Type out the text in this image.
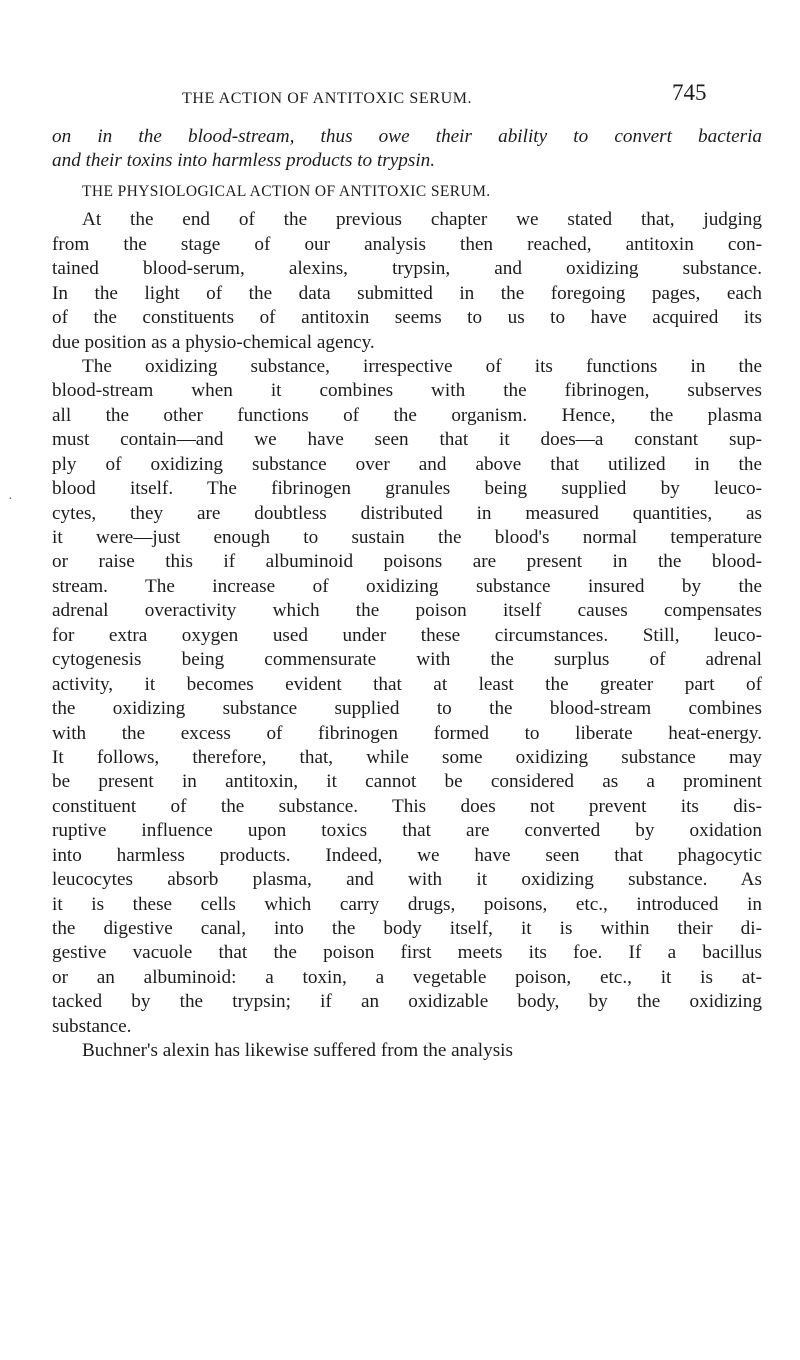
THE ACTION OF ANTITOXIC SERUM.	745
·
on in the blood-stream, thus owe their ability to convert bacteria
and their toxins into harmless products to trypsin.
THE PHYSIOLOGICAL ACTION OF ANTITOXIC SERUM.
At the end of the previous chapter we stated that, judging
from the stage of our analysis then reached, antitoxin con-
tained blood-serum, alexins, trypsin, and oxidizing substance.
In the light of the data submitted in the foregoing pages, each
of the constituents of antitoxin seems to us to have acquired its
due position as a physio-chemical agency.
The oxidizing substance, irrespective of its functions in the
blood-stream when it combines with the fibrinogen, subserves
all the other functions of the organism. Hence, the plasma
must contain—and we have seen that it does—a constant sup-
ply of oxidizing substance over and above that utilized in the
blood itself. The fibrinogen granules being supplied by leuco-
cytes, they are doubtless distributed in measured quantities, as
it were—just enough to sustain the blood's normal temperature
or raise this if albuminoid poisons are present in the blood-
stream. The increase of oxidizing substance insured by the
adrenal overactivity which the poison itself causes compensates
for extra oxygen used under these circumstances. Still, leuco-
cytogenesis being commensurate with the surplus of adrenal
activity, it becomes evident that at least the greater part of
the oxidizing substance supplied to the blood-stream combines
with the excess of fibrinogen formed to liberate heat-energy.
It follows, therefore, that, while some oxidizing substance may
be present in antitoxin, it cannot be considered as a prominent
constituent of the substance. This does not prevent its dis-
ruptive influence upon toxics that are converted by oxidation
into harmless products. Indeed, we have seen that phagocytic
leucocytes absorb plasma, and with it oxidizing substance. As
it is these cells which carry drugs, poisons, etc., introduced in
the digestive canal, into the body itself, it is within their di-
gestive vacuole that the poison first meets its foe. If a bacillus
or an albuminoid: a toxin, a vegetable poison, etc., it is at-
tacked by the trypsin; if an oxidizable body, by the oxidizing
substance.
Buchner's alexin has likewise suffered from the analysis
